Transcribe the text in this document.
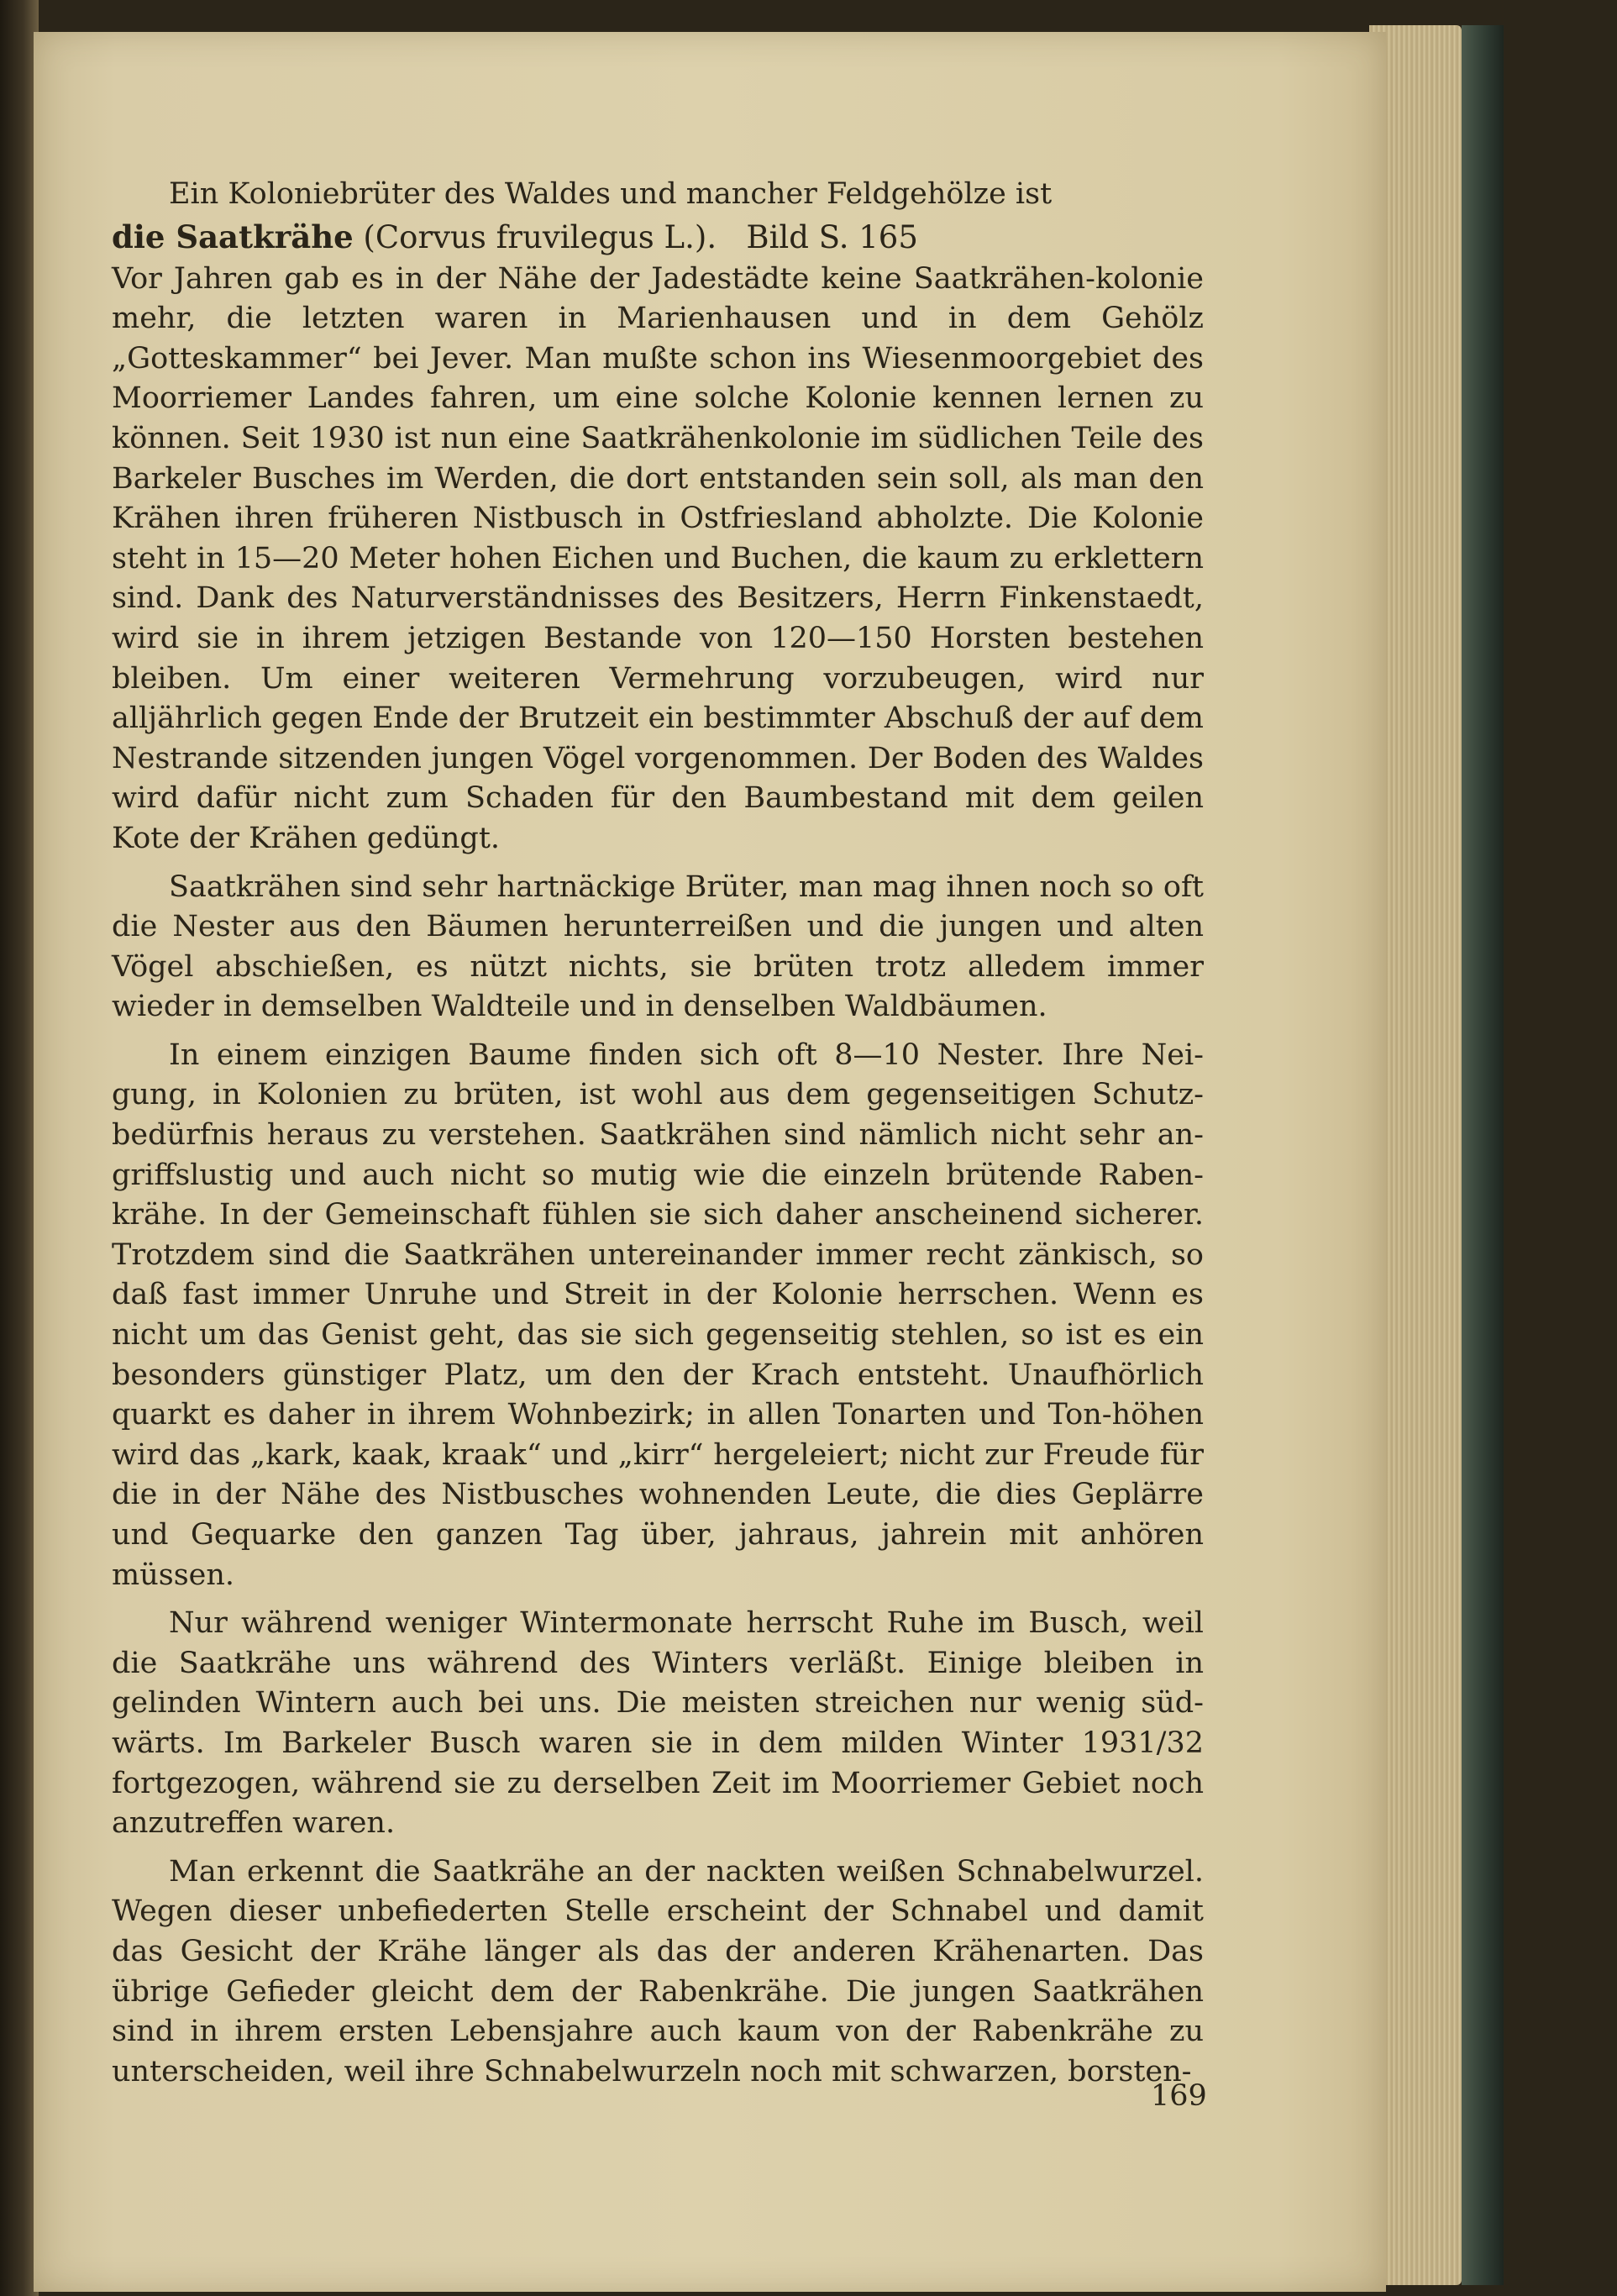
Ein Koloniebrüter des Waldes und mancher Feldgehölze ist

die Saatkrähe (Corvus fruvilegus L.). Bild S. 165

Vor Jahren gab es in der Nähe der Jadestädte keine Saatkrähen-kolonie mehr, die letzten waren in Marienhausen und in dem Gehölz „Gotteskammer“ bei Jever. Man mußte schon ins Wiesenmoorgebiet des Moorriemer Landes fahren, um eine solche Kolonie kennen lernen zu können. Seit 1930 ist nun eine Saatkrähenkolonie im südlichen Teile des Barkeler Busches im Werden, die dort entstanden sein soll, als man den Krähen ihren früheren Nistbusch in Ostfriesland abholzte. Die Kolonie steht in 15—20 Meter hohen Eichen und Buchen, die kaum zu erklettern sind. Dank des Naturverständnisses des Besitzers, Herrn Finkenstaedt, wird sie in ihrem jetzigen Bestande von 120—150 Horsten bestehen bleiben. Um einer weiteren Vermehrung vorzubeugen, wird nur alljährlich gegen Ende der Brutzeit ein bestimmter Abschuß der auf dem Nestrande sitzenden jungen Vögel vorgenommen. Der Boden des Waldes wird dafür nicht zum Schaden für den Baumbestand mit dem geilen Kote der Krähen gedüngt.

Saatkrähen sind sehr hartnäckige Brüter, man mag ihnen noch so oft die Nester aus den Bäumen herunterreißen und die jungen und alten Vögel abschießen, es nützt nichts, sie brüten trotz alledem immer wieder in demselben Waldteile und in denselben Waldbäumen.

In einem einzigen Baume finden sich oft 8—10 Nester. Ihre Nei-gung, in Kolonien zu brüten, ist wohl aus dem gegenseitigen Schutz-bedürfnis heraus zu verstehen. Saatkrähen sind nämlich nicht sehr an-griffslustig und auch nicht so mutig wie die einzeln brütende Raben-krähe. In der Gemeinschaft fühlen sie sich daher anscheinend sicherer. Trotzdem sind die Saatkrähen untereinander immer recht zänkisch, so daß fast immer Unruhe und Streit in der Kolonie herrschen. Wenn es nicht um das Genist geht, das sie sich gegenseitig stehlen, so ist es ein besonders günstiger Platz, um den der Krach entsteht. Unaufhörlich quarkt es daher in ihrem Wohnbezirk; in allen Tonarten und Ton-höhen wird das „kark, kaak, kraak“ und „kirr“ hergeleiert; nicht zur Freude für die in der Nähe des Nistbusches wohnenden Leute, die dies Geplärre und Gequarke den ganzen Tag über, jahraus, jahrein mit anhören müssen.

Nur während weniger Wintermonate herrscht Ruhe im Busch, weil die Saatkrähe uns während des Winters verläßt. Einige bleiben in gelinden Wintern auch bei uns. Die meisten streichen nur wenig süd-wärts. Im Barkeler Busch waren sie in dem milden Winter 1931/32 fortgezogen, während sie zu derselben Zeit im Moorriemer Gebiet noch anzutreffen waren.

Man erkennt die Saatkrähe an der nackten weißen Schnabelwurzel. Wegen dieser unbefiederten Stelle erscheint der Schnabel und damit das Gesicht der Krähe länger als das der anderen Krähenarten. Das übrige Gefieder gleicht dem der Rabenkrähe. Die jungen Saatkrähen sind in ihrem ersten Lebensjahre auch kaum von der Rabenkrähe zu unterscheiden, weil ihre Schnabelwurzeln noch mit schwarzen, borsten-

169
